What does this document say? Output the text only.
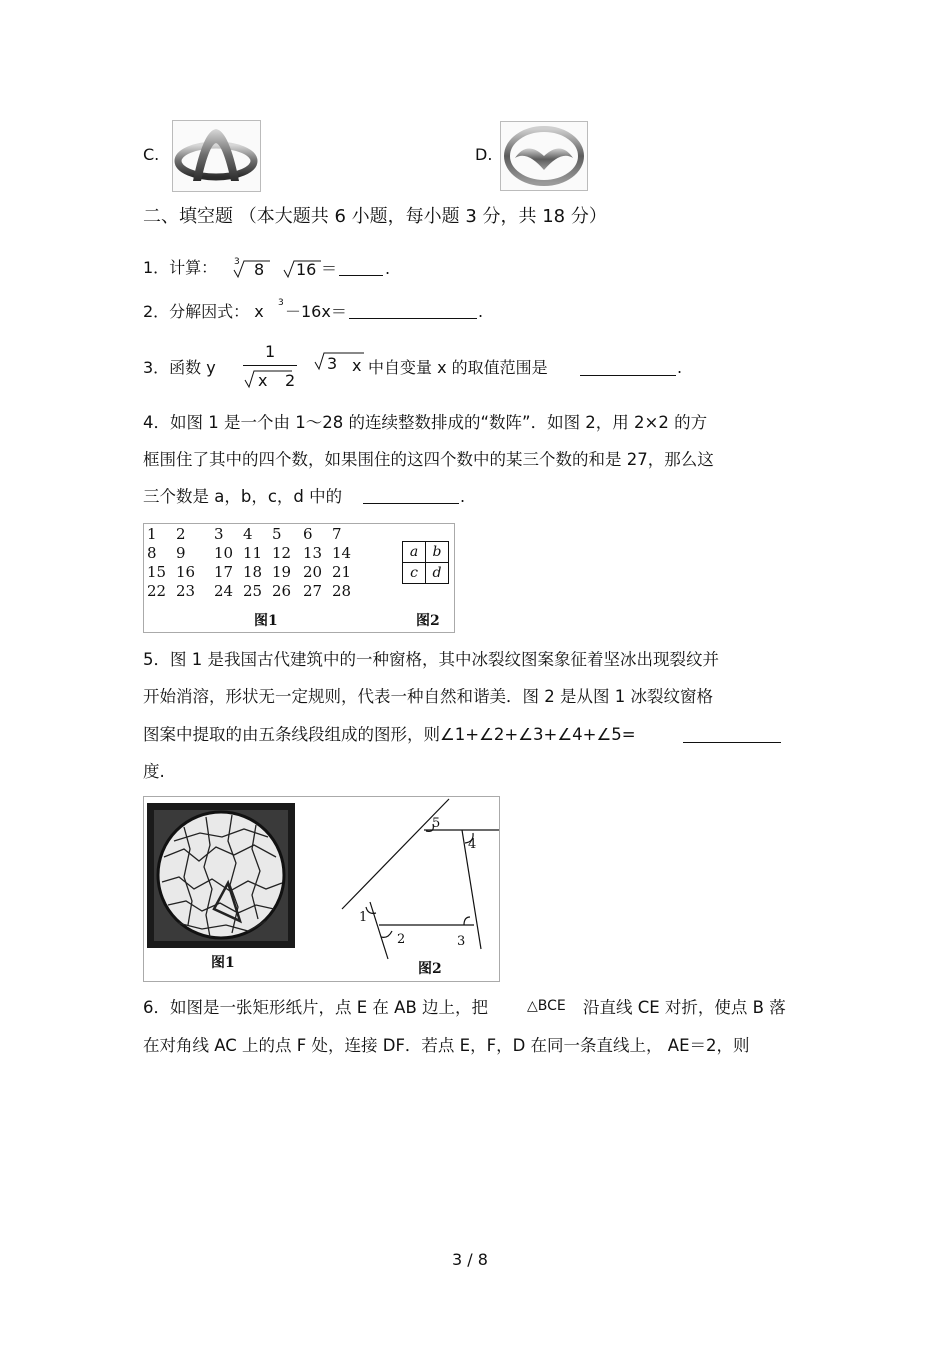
C.	D.
二、填空题 （本大题共 6 小题，每小题 3 分，共 18 分）
1．计算： 3 8 16 ＝	.
2．分解因式： x 3 －16x＝	.
3．函数 y
1
x 2
3 x 中自变量 x 的取值范围是	.
4．如图 1 是一个由 1～28 的连续整数排成的“数阵”．如图 2，用 2×2 的方
框围住了其中的四个数，如果围住的这四个数中的某三个数的和是 27，那么这
三个数是 a，b，c，d 中的	.
1 2 3 4 5 6 7
8 9 10 11 12 13 14
15 16 17 18 19 20 21
22 23 24 25 26 27 28
图1
a	b
c	d
图2
5．图 1 是我国古代建筑中的一种窗格，其中冰裂纹图案象征着坚冰出现裂纹并
开始消溶，形状无一定规则，代表一种自然和谐美．图 2 是从图 1 冰裂纹窗格
图案中提取的由五条线段组成的图形，则∠1+∠2+∠3+∠4+∠5=
度.
图1
1
2	3
4
5
图2
6．如图是一张矩形纸片，点 E 在 AB 边上，把	△BCE 沿直线 CE 对折，使点 B 落
在对角线 AC 上的点 F 处，连接 DF．若点 E，F，D 在同一条直线上， AE＝2，则
3 / 8
